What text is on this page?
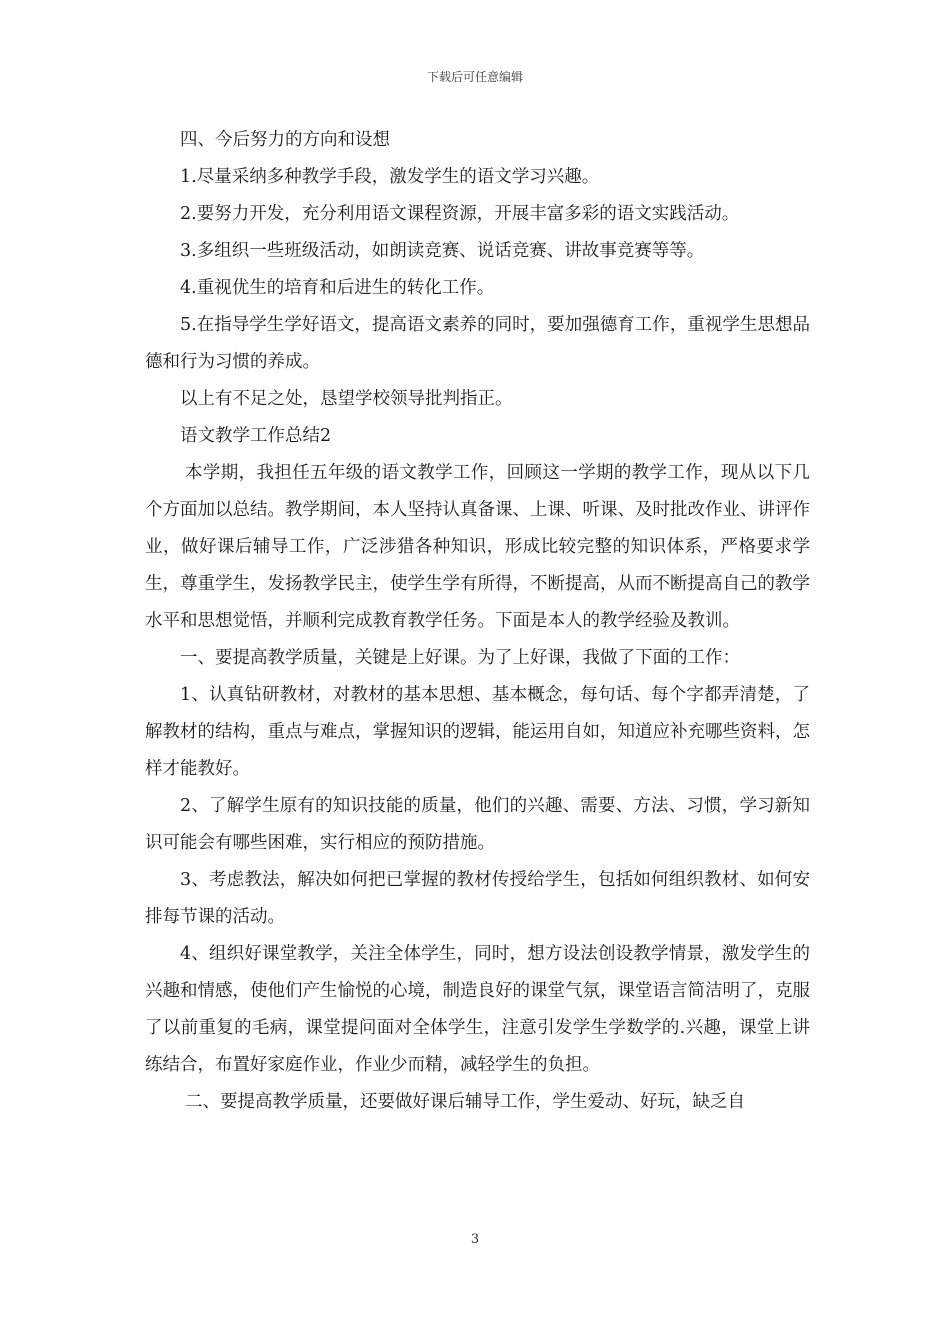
下载后可任意编辑

四、今后努力的方向和设想

1.尽量采纳多种教学手段，激发学生的语文学习兴趣。

2.要努力开发，充分利用语文课程资源，开展丰富多彩的语文实践活动。

3.多组织一些班级活动，如朗读竞赛、说话竞赛、讲故事竞赛等等。

4.重视优生的培育和后进生的转化工作。

5.在指导学生学好语文，提高语文素养的同时，要加强德育工作，重视学生思想品德和行为习惯的养成。

以上有不足之处，恳望学校领导批判指正。

语文教学工作总结2

本学期，我担任五年级的语文教学工作，回顾这一学期的教学工作，现从以下几个方面加以总结。教学期间，本人坚持认真备课、上课、听课、及时批改作业、讲评作业，做好课后辅导工作，广泛涉猎各种知识，形成比较完整的知识体系，严格要求学生，尊重学生，发扬教学民主，使学生学有所得，不断提高，从而不断提高自己的教学水平和思想觉悟，并顺利完成教育教学任务。下面是本人的教学经验及教训。

一、要提高教学质量，关键是上好课。为了上好课，我做了下面的工作：

1、认真钻研教材，对教材的基本思想、基本概念，每句话、每个字都弄清楚，了解教材的结构，重点与难点，掌握知识的逻辑，能运用自如，知道应补充哪些资料，怎样才能教好。

2、了解学生原有的知识技能的质量，他们的兴趣、需要、方法、习惯，学习新知识可能会有哪些困难，实行相应的预防措施。

3、考虑教法，解决如何把已掌握的教材传授给学生，包括如何组织教材、如何安排每节课的活动。

4、组织好课堂教学，关注全体学生，同时，想方设法创设教学情景，激发学生的兴趣和情感，使他们产生愉悦的心境，制造良好的课堂气氛，课堂语言简洁明了，克服了以前重复的毛病，课堂提问面对全体学生，注意引发学生学数学的.兴趣，课堂上讲练结合，布置好家庭作业，作业少而精，减轻学生的负担。

二、要提高教学质量，还要做好课后辅导工作，学生爱动、好玩，缺乏自

3
